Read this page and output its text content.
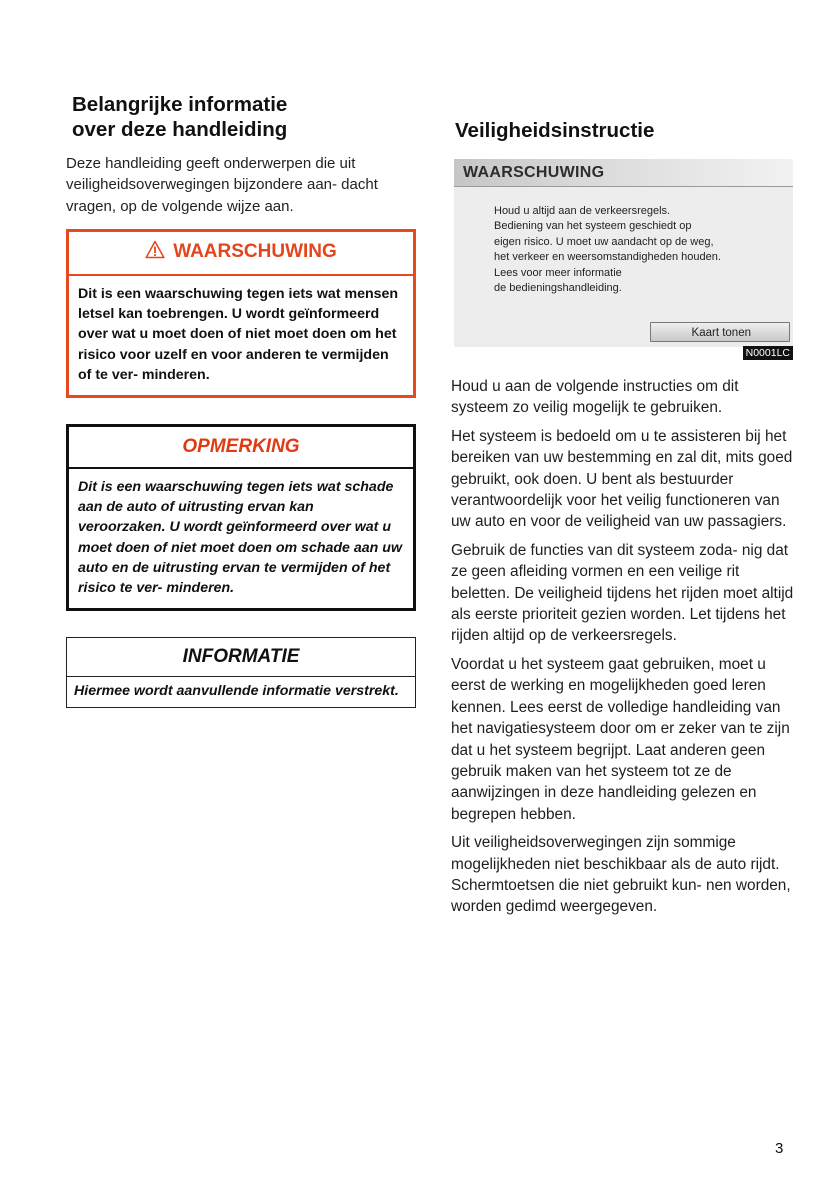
Belangrijke informatie
over deze handleiding

Deze handleiding geeft onderwerpen die uit veiligheidsoverwegingen bijzondere aan- dacht vragen, op de volgende wijze aan.

WAARSCHUWING
Dit is een waarschuwing tegen iets wat mensen letsel kan toebrengen. U wordt geïnformeerd over wat u moet doen of niet moet doen om het risico voor uzelf en voor anderen te vermijden of te ver- minderen.
OPMERKING
Dit is een waarschuwing tegen iets wat schade aan de auto of uitrusting ervan kan veroorzaken. U wordt geïnformeerd over wat u moet doen of niet moet doen om schade aan uw auto en de uitrusting ervan te vermijden of het risico te ver- minderen.
INFORMATIE
Hiermee wordt aanvullende informatie verstrekt.
Veiligheidsinstructie
WAARSCHUWING
Houd u altijd aan de verkeersregels.
Bediening van het systeem geschiedt op
eigen risico. U moet uw aandacht op de weg,
het verkeer en weersomstandigheden houden.
Lees voor meer informatie
de bedieningshandleiding.
Kaart tonen
N0001LC

Houd u aan de volgende instructies om dit systeem zo veilig mogelijk te gebruiken.

Het systeem is bedoeld om u te assisteren bij het bereiken van uw bestemming en zal dit, mits goed gebruikt, ook doen. U bent als bestuurder verantwoordelijk voor het veilig functioneren van uw auto en voor de veiligheid van uw passagiers.

Gebruik de functies van dit systeem zoda- nig dat ze geen afleiding vormen en een veilige rit beletten. De veiligheid tijdens het rijden moet altijd als eerste prioriteit gezien worden. Let tijdens het rijden altijd op de verkeersregels.

Voordat u het systeem gaat gebruiken, moet u eerst de werking en mogelijkheden goed leren kennen. Lees eerst de volledige handleiding van het navigatiesysteem door om er zeker van te zijn dat u het systeem begrijpt. Laat anderen geen gebruik maken van het systeem tot ze de aanwijzingen in deze handleiding gelezen en begrepen hebben.

Uit veiligheidsoverwegingen zijn sommige mogelijkheden niet beschikbaar als de auto rijdt. Schermtoetsen die niet gebruikt kun- nen worden, worden gedimd weergegeven.

3
